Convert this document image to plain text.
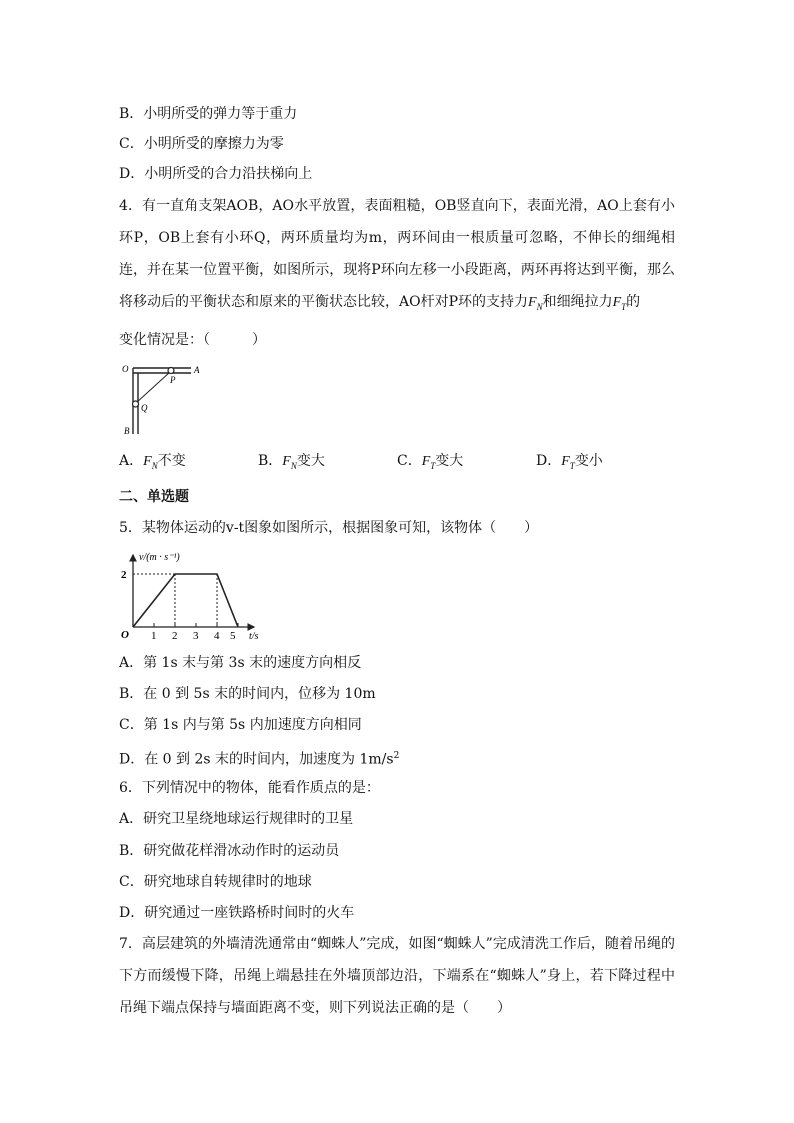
B．小明所受的弹力等于重力
C．小明所受的摩擦力为零
D．小明所受的合力沿扶梯向上
4．有一直角支架AOB，AO水平放置，表面粗糙，OB竖直向下，表面光滑，AO上套有小环P，OB上套有小环Q，两环质量均为m，两环间由一根质量可忽略，不伸长的细绳相连，并在某一位置平衡，如图所示，现将P环向左移一小段距离，两环再将达到平衡，那么将移动后的平衡状态和原来的平衡状态比较，AO杆对P环的支持力$F_N$和细绳拉力$F_T$的
变化情况是：（　　　）
O	A
P
Q
B
A．$F_N$不变	B．$F_N$变大	C．$F_T$变大	D．$F_T$变小
二、单选题
5．某物体运动的v-t图象如图所示，根据图象可知，该物体（　　）
v/(m · s⁻¹)
2
O 1 2 3 4 5 t/s
A．第 1s 末与第 3s 末的速度方向相反
B．在 0 到 5s 末的时间内，位移为 10m
C．第 1s 内与第 5s 内加速度方向相同
D．在 0 到 2s 末的时间内，加速度为 $1m/s^2$
6．下列情况中的物体，能看作质点的是：
A．研究卫星绕地球运行规律时的卫星
B．研究做花样滑冰动作时的运动员
C．研究地球自转规律时的地球
D．研究通过一座铁路桥时间时的火车
7．高层建筑的外墙清洗通常由“蜘蛛人”完成，如图“蜘蛛人”完成清洗工作后，随着吊绳的下方而缓慢下降，吊绳上端悬挂在外墙顶部边沿，下端系在“蜘蛛人”身上，若下降过程中吊绳下端点保持与墙面距离不变，则下列说法正确的是（　　）
